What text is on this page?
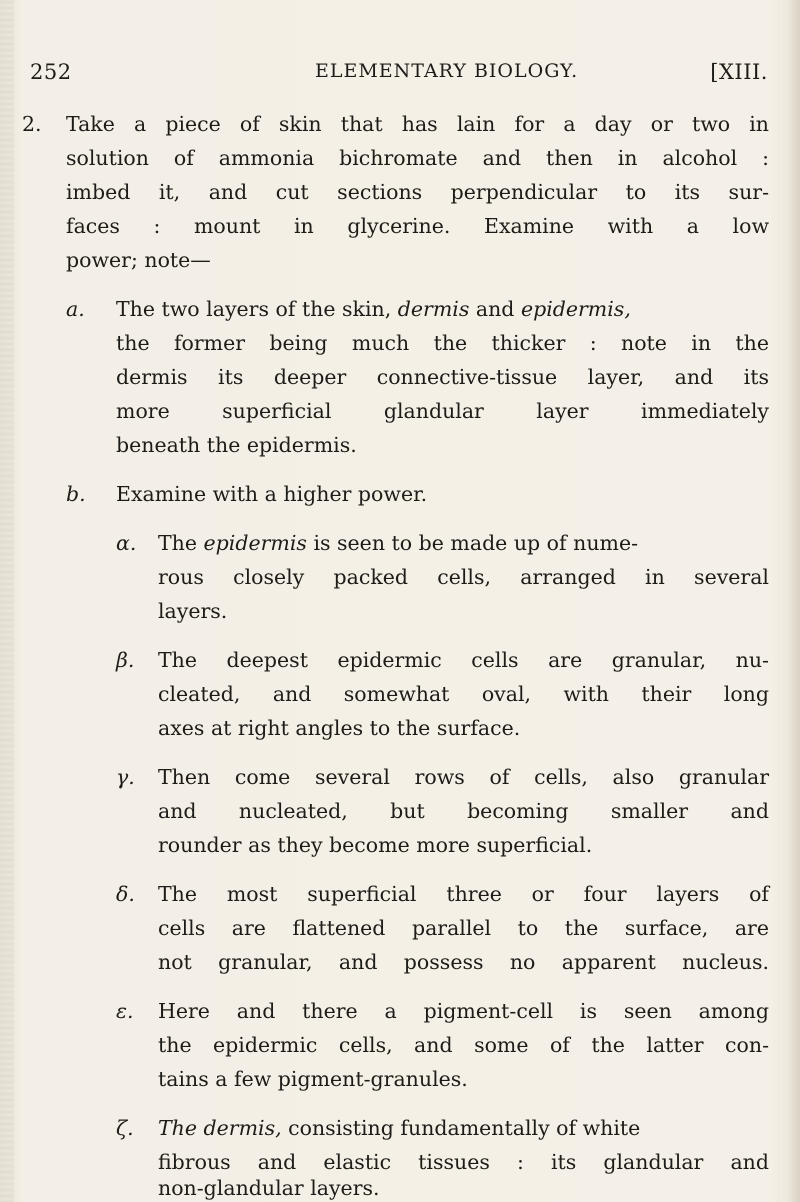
252	ELEMENTARY BIOLOGY.	[XIII.
2. Take a piece of skin that has lain for a day or two in
solution of ammonia bichromate and then in alcohol :
imbed it, and cut sections perpendicular to its sur-
faces : mount in glycerine. Examine with a low
power; note—
a. The two layers of the skin, dermis and epidermis,
the former being much the thicker : note in the
dermis its deeper connective-tissue layer, and its
more superficial glandular layer immediately
beneath the epidermis.
b. Examine with a higher power.
α. The epidermis is seen to be made up of nume-
rous closely packed cells, arranged in several
layers.
β. The deepest epidermic cells are granular, nu-
cleated, and somewhat oval, with their long
axes at right angles to the surface.
γ. Then come several rows of cells, also granular
and nucleated, but becoming smaller and
rounder as they become more superficial.
δ. The most superficial three or four layers of
cells are flattened parallel to the surface, are
not granular, and possess no apparent nucleus.
ε. Here and there a pigment-cell is seen among
the epidermic cells, and some of the latter con-
tains a few pigment-granules.
ζ. The dermis, consisting fundamentally of white
fibrous and elastic tissues : its glandular and
non-glandular layers.
